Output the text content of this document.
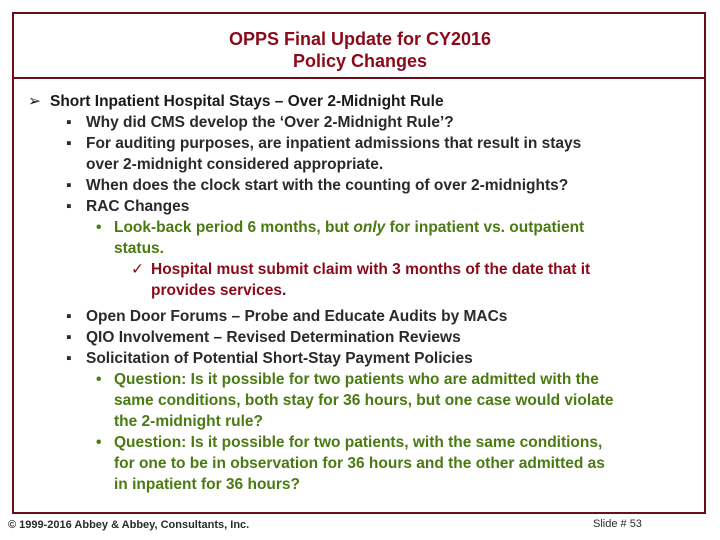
OPPS Final Update for CY2016
Policy Changes
➢ Short Inpatient Hospital Stays – Over 2-Midnight Rule
▪ Why did CMS develop the ‘Over 2-Midnight Rule’?
▪ For auditing purposes, are inpatient admissions that result in stays
over 2-midnight considered appropriate.
▪ When does the clock start with the counting of over 2-midnights?
▪ RAC Changes
• Look-back period 6 months, but only for inpatient vs. outpatient
status.
✓ Hospital must submit claim with 3 months of the date that it
provides services.
▪ Open Door Forums – Probe and Educate Audits by MACs
▪ QIO Involvement – Revised Determination Reviews
▪ Solicitation of Potential Short-Stay Payment Policies
• Question: Is it possible for two patients who are admitted with the
same conditions, both stay for 36 hours, but one case would violate
the 2-midnight rule?
• Question: Is it possible for two patients, with the same conditions,
for one to be in observation for 36 hours and the other admitted as
in inpatient for 36 hours?
© 1999-2016 Abbey & Abbey, Consultants, Inc.	Slide # 53
